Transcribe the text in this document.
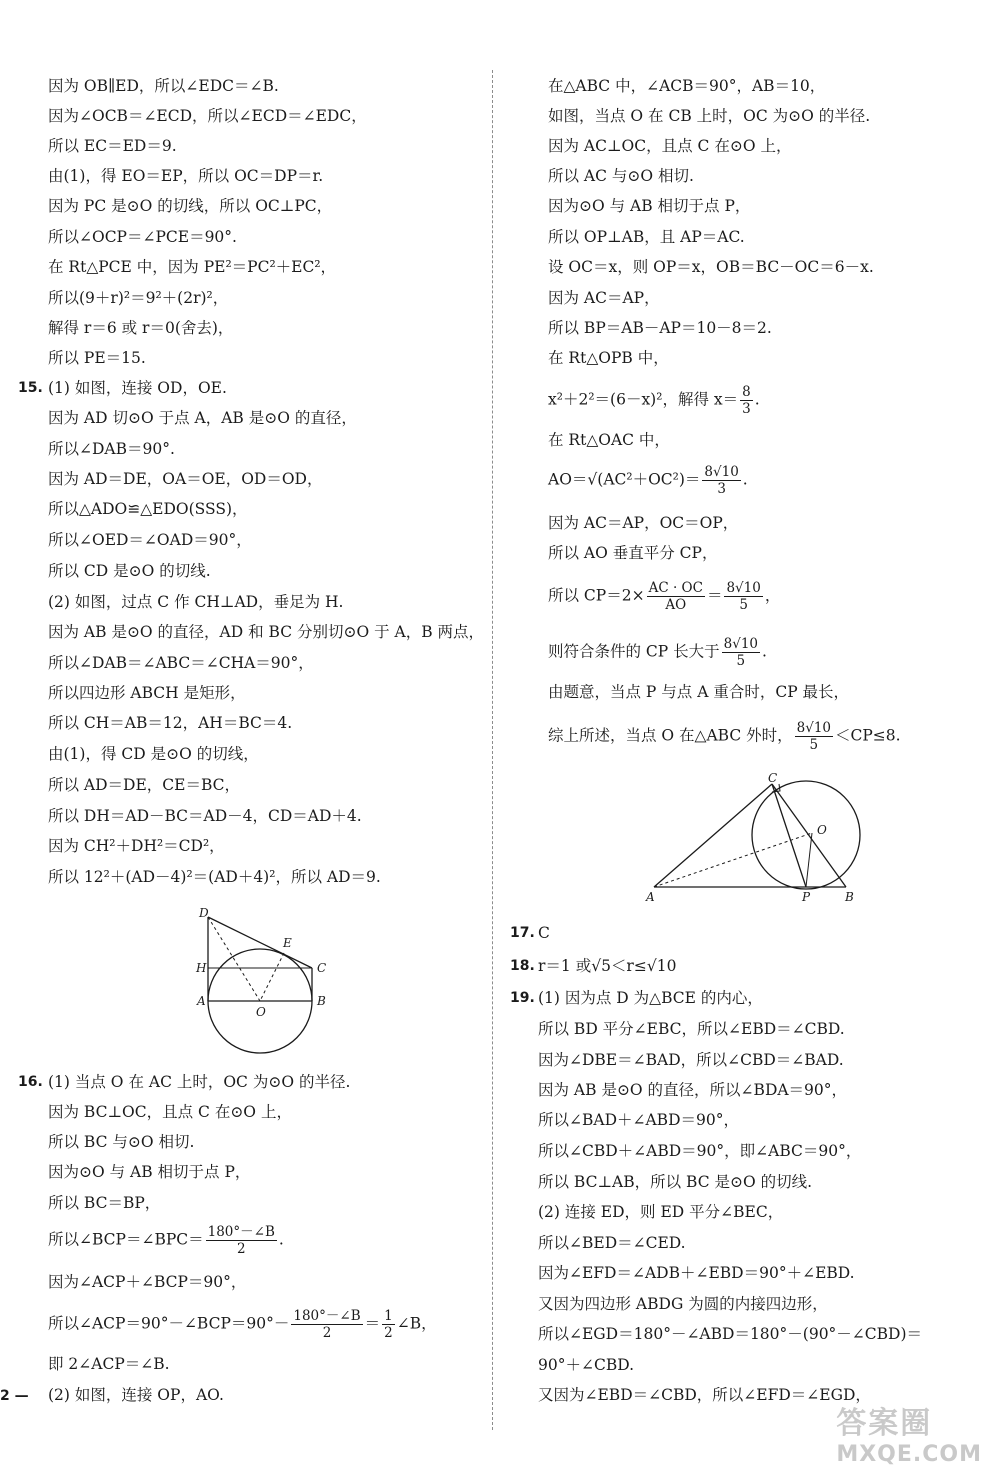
因为 OB∥ED，所以∠EDC＝∠B.
因为∠OCB＝∠ECD，所以∠ECD＝∠EDC，
所以 EC＝ED＝9.
由(1)，得 EO＝EP，所以 OC＝DP＝r.
因为 PC 是⊙O 的切线，所以 OC⊥PC，
所以∠OCP＝∠PCE＝90°.
在 Rt△PCE 中，因为 PE²＝PC²＋EC²，
所以(9＋r)²＝9²＋(2r)²，
解得 r＝6 或 r＝0(舍去)，
所以 PE＝15.
15. (1) 如图，连接 OD，OE.
因为 AD 切⊙O 于点 A，AB 是⊙O 的直径，
所以∠DAB＝90°.
因为 AD＝DE，OA＝OE，OD＝OD，
所以△ADO≌△EDO(SSS)，
所以∠OED＝∠OAD＝90°，
所以 CD 是⊙O 的切线.
(2) 如图，过点 C 作 CH⊥AD，垂足为 H.
因为 AB 是⊙O 的直径，AD 和 BC 分别切⊙O 于 A，B 两点，
所以∠DAB＝∠ABC＝∠CHA＝90°，
所以四边形 ABCH 是矩形，
所以 CH＝AB＝12，AH＝BC＝4.
由(1)，得 CD 是⊙O 的切线，
所以 AD＝DE，CE＝BC，
所以 DH＝AD－BC＝AD－4，CD＝AD＋4.
因为 CH²＋DH²＝CD²，
所以 12²＋(AD－4)²＝(AD＋4)²，所以 AD＝9.
D
E
H	C
A	B
O
16. (1) 当点 O 在 AC 上时，OC 为⊙O 的半径.
因为 BC⊥OC，且点 C 在⊙O 上，
所以 BC 与⊙O 相切.
因为⊙O 与 AB 相切于点 P，
所以 BC＝BP，
所以∠BCP＝∠BPC＝ $\frac{180^\circ-\angle B}{2}$ .
因为∠ACP＋∠BCP＝90°，
所以∠ACP＝90°－∠BCP＝90°－ $\frac{180^\circ-\angle B}{2} = \frac{1}{2}$ ∠B，
即 2∠ACP＝∠B.
(2) 如图，连接 OP，AO.
2 —
在△ABC 中，∠ACB＝90°，AB＝10，
如图，当点 O 在 CB 上时，OC 为⊙O 的半径.
因为 AC⊥OC，且点 C 在⊙O 上，
所以 AC 与⊙O 相切.
因为⊙O 与 AB 相切于点 P，
所以 OP⊥AB，且 AP＝AC.
设 OC＝x，则 OP＝x，OB＝BC－OC＝6－x.
因为 AC＝AP，
所以 BP＝AB－AP＝10－8＝2.
在 Rt△OPB 中，
x²＋2²＝(6－x)²，解得 $x= \frac{8}{3}$ .
在 Rt△OAC 中，
$AO=√(AC^2+OC^2)= \frac{8√10}{3}$ .
因为 AC＝AP，OC＝OP，
所以 AO 垂直平分 CP，
所以 $CP=2\times \frac{AC \cdot OC}{AO} = \frac{8√10}{5}$ ，
则符合条件的 CP 长大于 $\frac{8√10}{5}$ .
由题意，当点 P 与点 A 重合时，CP 最长，
综上所述，当点 O 在△ABC 外时， $\frac{8√10}{5} <CP\le 8$.
C
O
A	P	B
17. C
18. r＝1 或√5＜r≤√10
19. (1) 因为点 D 为△BCE 的内心，
所以 BD 平分∠EBC，所以∠EBD＝∠CBD.
因为∠DBE＝∠BAD，所以∠CBD＝∠BAD.
因为 AB 是⊙O 的直径，所以∠BDA＝90°，
所以∠BAD＋∠ABD＝90°，
所以∠CBD＋∠ABD＝90°，即∠ABC＝90°，
所以 BC⊥AB，所以 BC 是⊙O 的切线.
(2) 连接 ED，则 ED 平分∠BEC，
所以∠BED＝∠CED.
因为∠EFD＝∠ADB＋∠EBD＝90°＋∠EBD.
又因为四边形 ABDG 为圆的内接四边形，
所以∠EGD＝180°－∠ABD＝180°－(90°－∠CBD)＝
90°＋∠CBD.
又因为∠EBD＝∠CBD，所以∠EFD＝∠EGD，
答案圈
MXQE.COM
